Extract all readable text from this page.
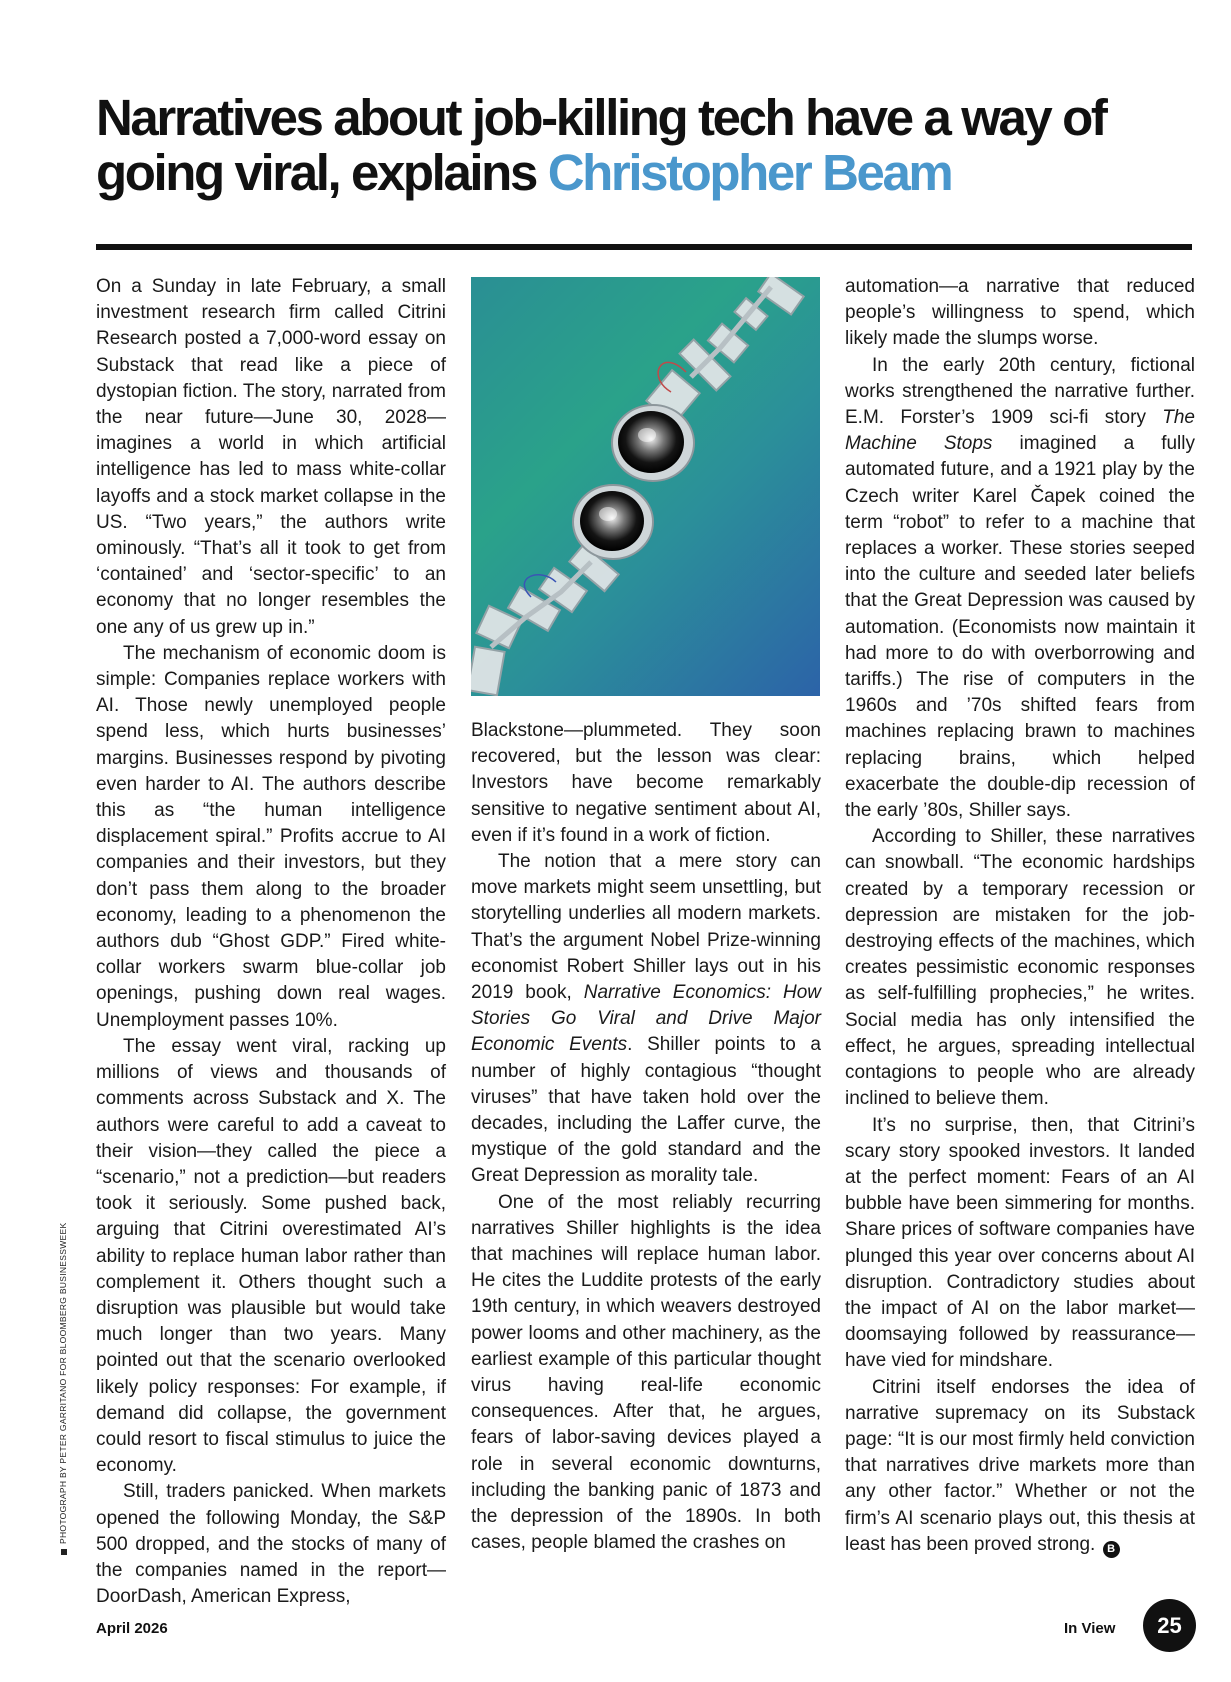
Narratives about job-killing tech have a way of going viral, explains Christopher Beam

On a Sunday in late February, a small investment research firm called Citrini Research posted a 7,000-word essay on Substack that read like a piece of dystopian fiction. The story, narrated from the near future—June 30, 2028—imagines a world in which artificial intelligence has led to mass white-collar layoffs and a stock market collapse in the US. “Two years,” the authors write ominously. “That’s all it took to get from ‘contained’ and ‘sector-specific’ to an economy that no longer resembles the one any of us grew up in.”

The mechanism of economic doom is simple: Companies replace workers with AI. Those newly unemployed people spend less, which hurts businesses’ margins. Businesses respond by pivoting even harder to AI. The authors describe this as “the human intelligence displacement spiral.” Profits accrue to AI companies and their investors, but they don’t pass them along to the broader economy, leading to a phenomenon the authors dub “Ghost GDP.” Fired white-collar workers swarm blue-collar job openings, pushing down real wages. Unemployment passes 10%.

The essay went viral, racking up millions of views and thousands of comments across Substack and X. The authors were careful to add a caveat to their vision—they called the piece a “scenario,” not a prediction—but readers took it seriously. Some pushed back, arguing that Citrini overestimated AI’s ability to replace human labor rather than complement it. Others thought such a disruption was plausible but would take much longer than two years. Many pointed out that the scenario overlooked likely policy responses: For example, if demand did collapse, the government could resort to fiscal stimulus to juice the economy.

Still, traders panicked. When markets opened the following Monday, the S&P 500 dropped, and the stocks of many of the companies named in the report—DoorDash, American Express,

Blackstone—plummeted. They soon recovered, but the lesson was clear: Investors have become remarkably sensitive to negative sentiment about AI, even if it’s found in a work of fiction.

The notion that a mere story can move markets might seem unsettling, but storytelling underlies all modern markets. That’s the argument Nobel Prize-winning economist Robert Shiller lays out in his 2019 book, Narrative Economics: How Stories Go Viral and Drive Major Economic Events. Shiller points to a number of highly contagious “thought viruses” that have taken hold over the decades, including the Laffer curve, the mystique of the gold standard and the Great Depression as morality tale.

One of the most reliably recurring narratives Shiller highlights is the idea that machines will replace human labor. He cites the Luddite protests of the early 19th century, in which weavers destroyed power looms and other machinery, as the earliest example of this particular thought virus having real-life economic consequences. After that, he argues, fears of labor-saving devices played a role in several economic downturns, including the banking panic of 1873 and the depression of the 1890s. In both cases, people blamed the crashes on

automation—a narrative that reduced people’s willingness to spend, which likely made the slumps worse.

In the early 20th century, fictional works strengthened the narrative further. E.M. Forster’s 1909 sci-fi story The Machine Stops imagined a fully automated future, and a 1921 play by the Czech writer Karel Čapek coined the term “robot” to refer to a machine that replaces a worker. These stories seeped into the culture and seeded later beliefs that the Great Depression was caused by automation. (Economists now maintain it had more to do with overborrowing and tariffs.) The rise of computers in the 1960s and ’70s shifted fears from machines replacing brawn to machines replacing brains, which helped exacerbate the double-dip recession of the early ’80s, Shiller says.

According to Shiller, these narratives can snowball. “The economic hardships created by a temporary recession or depression are mistaken for the job-destroying effects of the machines, which creates pessimistic economic responses as self-fulfilling prophecies,” he writes. Social media has only intensified the effect, he argues, spreading intellectual contagions to people who are already inclined to believe them.

It’s no surprise, then, that Citrini’s scary story spooked investors. It landed at the perfect moment: Fears of an AI bubble have been simmering for months. Share prices of software companies have plunged this year over concerns about AI disruption. Contradictory studies about the impact of AI on the labor market—doomsaying followed by reassurance—have vied for mindshare.

Citrini itself endorses the idea of narrative supremacy on its Substack page: “It is our most firmly held conviction that narratives drive markets more than any other factor.” Whether or not the firm’s AI scenario plays out, this thesis at least has been proved strong. B

PHOTOGRAPH BY PETER GARRITANO FOR BLOOMBERG BUSINESSWEEK
April 2026	In View	25
